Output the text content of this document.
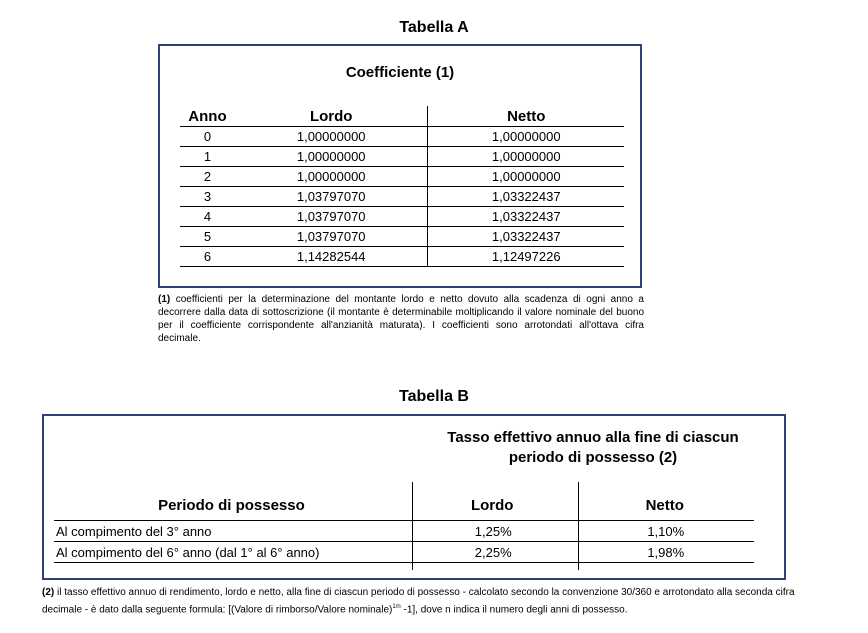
Tabella A
Coefficiente (1)
Anno	Lordo	Netto
0	1,00000000	1,00000000
1	1,00000000	1,00000000
2	1,00000000	1,00000000
3	1,03797070	1,03322437
4	1,03797070	1,03322437
5	1,03797070	1,03322437
6	1,14282544	1,12497226
(1) coefficienti per la determinazione del montante lordo e netto dovuto alla scadenza di ogni anno a decorrere dalla data di sottoscrizione (il montante è determinabile moltiplicando il valore nominale del buono per il coefficiente corrispondente all'anzianità maturata). I coefficienti sono arrotondati all'ottava cifra decimale.
Tabella B
Tasso effettivo annuo alla fine di ciascun
periodo di possesso (2)
Periodo di possesso	Lordo	Netto
Al compimento del 3° anno	1,25%	1,10%
Al compimento del 6° anno (dal 1° al 6° anno)	2,25%	1,98%
(2) il tasso effettivo annuo di rendimento, lordo e netto, alla fine di ciascun periodo di possesso - calcolato secondo la convenzione 30/360 e arrotondato alla seconda cifra decimale - è dato dalla seguente formula: [(Valore di rimborso/Valore nominale)$^{1/n}$ -1], dove n indica il numero degli anni di possesso.
